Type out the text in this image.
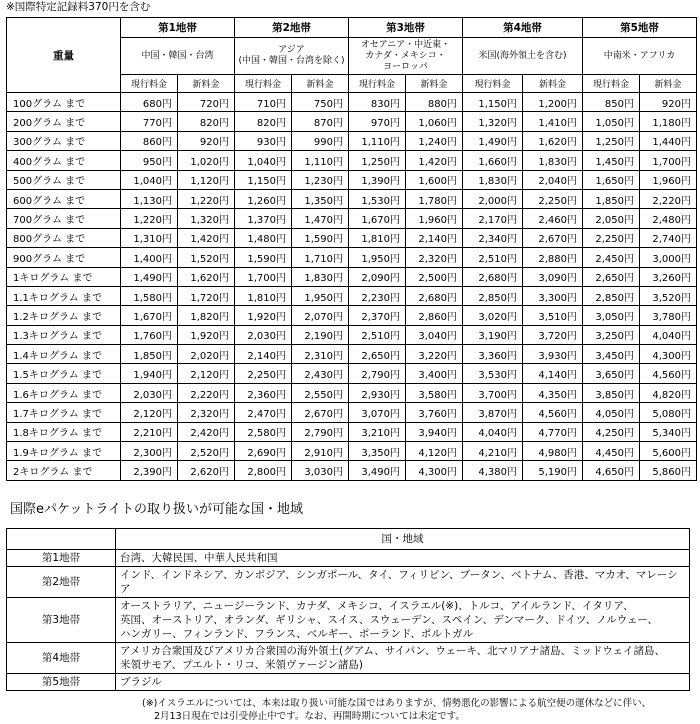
※国際特定記録料370円を含む
重量	第1地帯		第2地帯		第3地帯		第4地帯		第5地帯	
	中国・韓国・台湾		アジア
(中国・韓国・台湾を除く)		オセアニア・中近東・
カナダ・メキシコ・
ヨーロッパ		米国(海外領土を含む)		中南米・アフリカ	
	現行料金	新料金	現行料金	新料金	現行料金	新料金	現行料金	新料金	現行料金	新料金
100グラム まで	680円	720円	710円	750円	830円	880円	1,150円	1,200円	850円	920円
200グラム まで	770円	820円	820円	870円	970円	1,060円	1,320円	1,410円	1,050円	1,180円
300グラム まで	860円	920円	930円	990円	1,110円	1,240円	1,490円	1,620円	1,250円	1,440円
400グラム まで	950円	1,020円	1,040円	1,110円	1,250円	1,420円	1,660円	1,830円	1,450円	1,700円
500グラム まで	1,040円	1,120円	1,150円	1,230円	1,390円	1,600円	1,830円	2,040円	1,650円	1,960円
600グラム まで	1,130円	1,220円	1,260円	1,350円	1,530円	1,780円	2,000円	2,250円	1,850円	2,220円
700グラム まで	1,220円	1,320円	1,370円	1,470円	1,670円	1,960円	2,170円	2,460円	2,050円	2,480円
800グラム まで	1,310円	1,420円	1,480円	1,590円	1,810円	2,140円	2,340円	2,670円	2,250円	2,740円
900グラム まで	1,400円	1,520円	1,590円	1,710円	1,950円	2,320円	2,510円	2,880円	2,450円	3,000円
1キログラム まで	1,490円	1,620円	1,700円	1,830円	2,090円	2,500円	2,680円	3,090円	2,650円	3,260円
1.1キログラム まで	1,580円	1,720円	1,810円	1,950円	2,230円	2,680円	2,850円	3,300円	2,850円	3,520円
1.2キログラム まで	1,670円	1,820円	1,920円	2,070円	2,370円	2,860円	3,020円	3,510円	3,050円	3,780円
1.3キログラム まで	1,760円	1,920円	2,030円	2,190円	2,510円	3,040円	3,190円	3,720円	3,250円	4,040円
1.4キログラム まで	1,850円	2,020円	2,140円	2,310円	2,650円	3,220円	3,360円	3,930円	3,450円	4,300円
1.5キログラム まで	1,940円	2,120円	2,250円	2,430円	2,790円	3,400円	3,530円	4,140円	3,650円	4,560円
1.6キログラム まで	2,030円	2,220円	2,360円	2,550円	2,930円	3,580円	3,700円	4,350円	3,850円	4,820円
1.7キログラム まで	2,120円	2,320円	2,470円	2,670円	3,070円	3,760円	3,870円	4,560円	4,050円	5,080円
1.8キログラム まで	2,210円	2,420円	2,580円	2,790円	3,210円	3,940円	4,040円	4,770円	4,250円	5,340円
1.9キログラム まで	2,300円	2,520円	2,690円	2,910円	3,350円	4,120円	4,210円	4,980円	4,450円	5,600円
2キログラム まで	2,390円	2,620円	2,800円	3,030円	3,490円	4,300円	4,380円	5,190円	4,650円	5,860円
国際eパケットライトの取り扱いが可能な国・地域
	国・地域
第1地帯	台湾、大韓民国、中華人民共和国
第2地帯	インド、インドネシア、カンボジア、シンガポール、タイ、フィリピン、ブータン、ベトナム、香港、マカオ、マレーシア
第3地帯	オーストラリア、ニュージーランド、カナダ、メキシコ、イスラエル(※)、トルコ、アイルランド、イタリア、
英国、オーストリア、オランダ、ギリシャ、スイス、スウェーデン、スペイン、デンマーク、ドイツ、ノルウェー、
ハンガリー、フィンランド、フランス、ベルギー、ポーランド、ポルトガル
第4地帯	アメリカ合衆国及びアメリカ合衆国の海外領土(グアム、サイパン、ウェーキ、北マリアナ諸島、ミッドウェイ諸島、
米領サモア、プエルト・リコ、米領ヴァージン諸島)
第5地帯	ブラジル
(※)イスラエルについては、本来は取り扱い可能な国ではありますが、情勢悪化の影響による航空便の運休などに伴い、
2月13日現在では引受停止中です。なお、再開時期については未定です。
